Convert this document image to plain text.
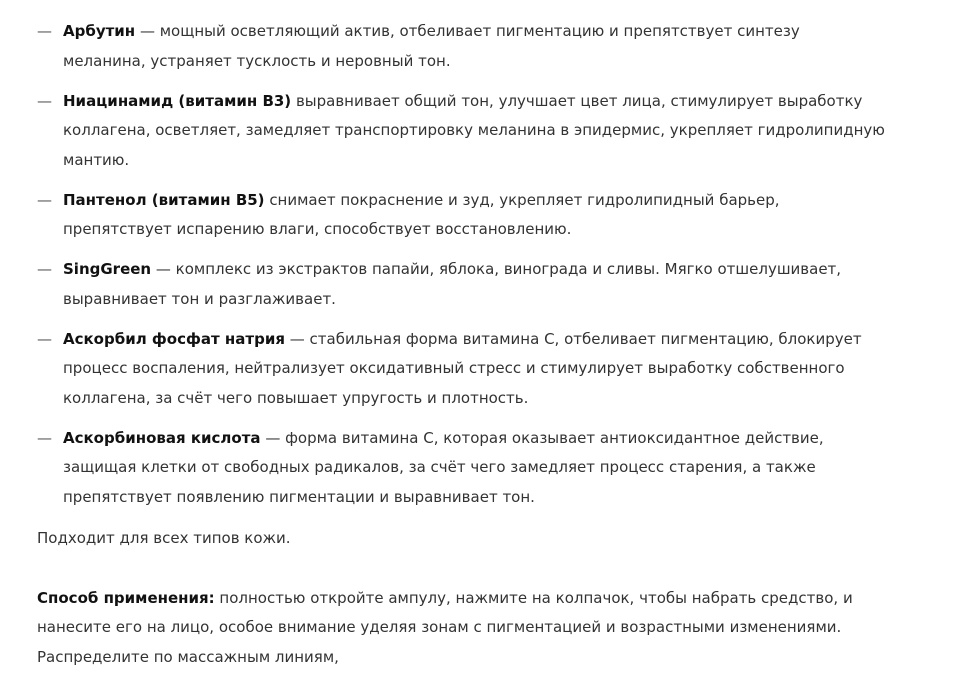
— Арбутин — мощный осветляющий актив, отбеливает пигментацию и препятствует синтезу меланина, устраняет тусклость и неровный тон.
— Ниацинамид (витамин В3) выравнивает общий тон, улучшает цвет лица, стимулирует выработку коллагена, осветляет, замедляет транспортировку меланина в эпидермис, укрепляет гидролипидную мантию.
— Пантенол (витамин В5) снимает покраснение и зуд, укрепляет гидролипидный барьер, препятствует испарению влаги, способствует восстановлению.
— SingGreen — комплекс из экстрактов папайи, яблока, винограда и сливы. Мягко отшелушивает, выравнивает тон и разглаживает.
— Аскорбил фосфат натрия — стабильная форма витамина С, отбеливает пигментацию, блокирует процесс воспаления, нейтрализует оксидативный стресс и стимулирует выработку собственного коллагена, за счёт чего повышает упругость и плотность.
— Аскорбиновая кислота — форма витамина С, которая оказывает антиоксидантное действие, защищая клетки от свободных радикалов, за счёт чего замедляет процесс старения, а также препятствует появлению пигментации и выравнивает тон.

Подходит для всех типов кожи.

Способ применения: полностью откройте ампулу, нажмите на колпачок, чтобы набрать средство, и нанесите его на лицо, особое внимание уделяя зонам с пигментацией и возрастными изменениями. Распределите по массажным линиям,
